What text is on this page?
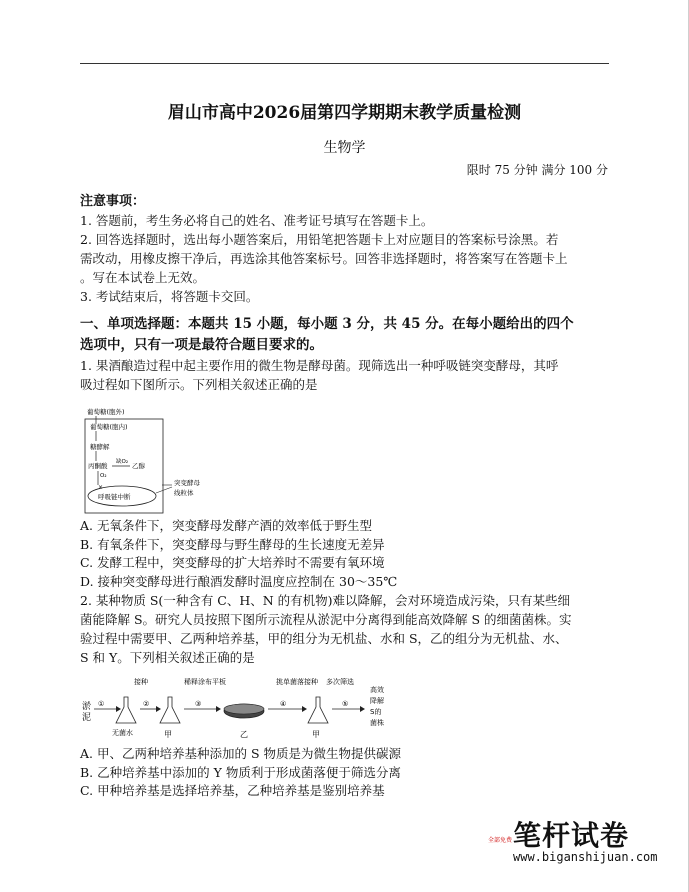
眉山市高中2026届第四学期期末教学质量检测
生物学
限时 75 分钟 满分 100 分
注意事项：
1. 答题前，考生务必将自己的姓名、准考证号填写在答题卡上。
2. 回答选择题时，选出每小题答案后，用铅笔把答题卡上对应题目的答案标号涂黑。若
需改动，用橡皮擦干净后，再选涂其他答案标号。回答非选择题时，将答案写在答题卡上
。写在本试卷上无效。
3. 考试结束后，将答题卡交回。
一、单项选择题：本题共 15 小题，每小题 3 分，共 45 分。在每小题给出的四个
选项中，只有一项是最符合题目要求的。
1. 果酒酿造过程中起主要作用的微生物是酵母菌。现筛选出一种呼吸链突变酵母，其呼
吸过程如下图所示。下列相关叙述正确的是
葡萄糖(胞外)
葡萄糖(胞内)
糖酵解
丙酮酸 缺O₂ 乙醇
O₂
×
呼吸链中断
突变酵母
线粒体
A. 无氧条件下，突变酵母发酵产酒的效率低于野生型
B. 有氧条件下，突变酵母与野生酵母的生长速度无差异
C. 发酵工程中，突变酵母的扩大培养时不需要有氧环境
D. 接种突变酵母进行酿酒发酵时温度应控制在 30～35℃
2. 某种物质 S(一种含有 C、H、N 的有机物)难以降解，会对环境造成污染，只有某些细
菌能降解 S。研究人员按照下图所示流程从淤泥中分离得到能高效降解 S 的细菌菌株。实
验过程中需要甲、乙两种培养基，甲的组分为无机盐、水和 S，乙的组分为无机盐、水、
S 和 Y。下列相关叙述正确的是
淤
泥
①
无菌水
接种
②
甲
稀释涂布平板
③
乙
挑单菌落接种
④
甲
多次筛选
⑤
高效
降解
S的
菌株
A. 甲、乙两种培养基种添加的 S 物质是为微生物提供碳源
B. 乙种培养基中添加的 Y 物质利于形成菌落便于筛选分离
C. 甲种培养基是选择培养基，乙种培养基是鉴别培养基
全部免费 笔杆试卷
www.biganshijuan.com
